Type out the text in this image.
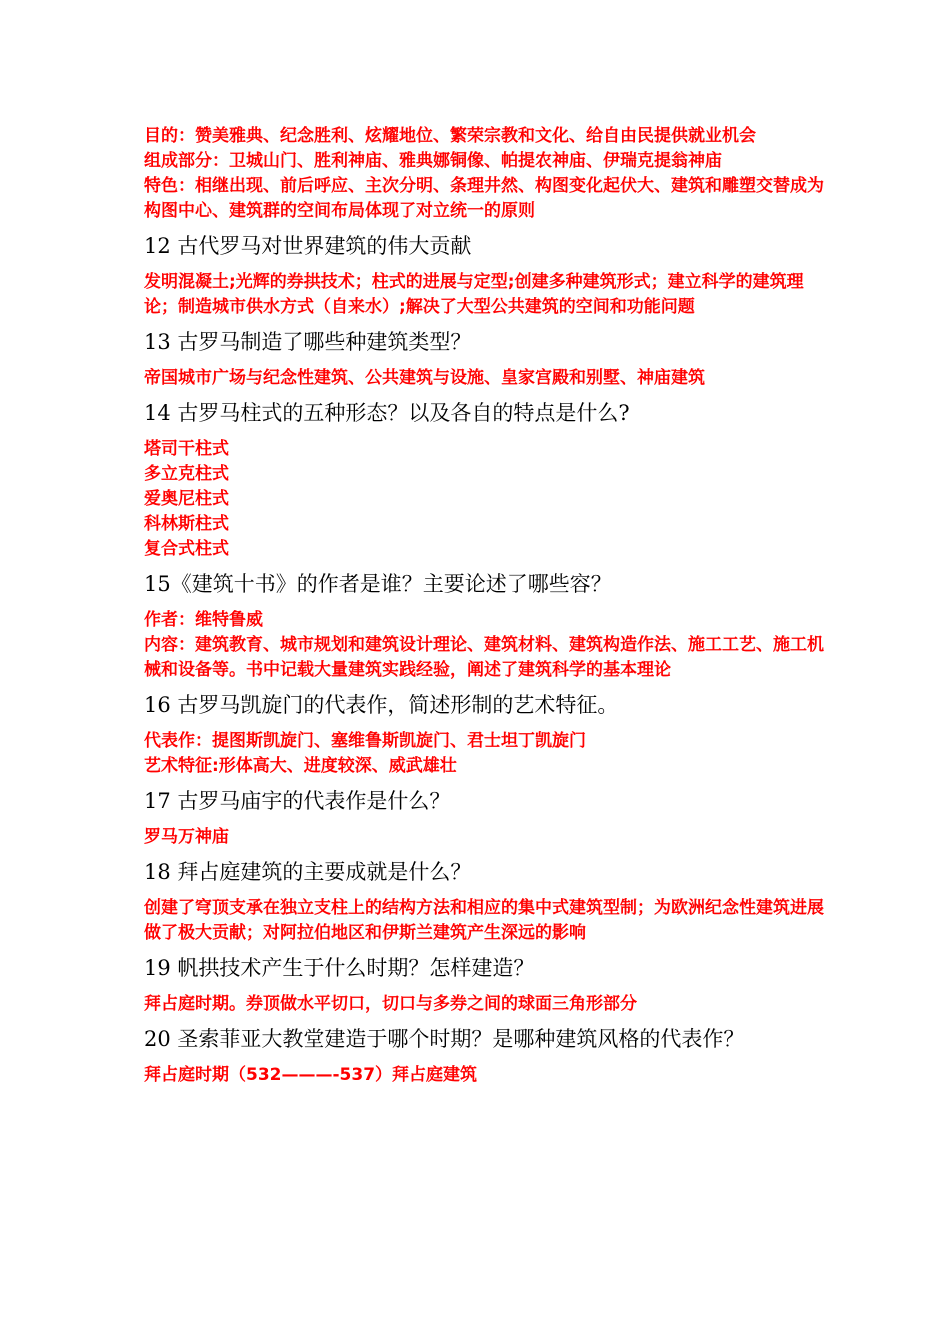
目的：赞美雅典、纪念胜利、炫耀地位、繁荣宗教和文化、给自由民提供就业机会

组成部分：卫城山门、胜利神庙、雅典娜铜像、帕提农神庙、伊瑞克提翁神庙

特色：相继出现、前后呼应、主次分明、条理井然、构图变化起伏大、建筑和雕塑交替成为构图中心、建筑群的空间布局体现了对立统一的原则

12 古代罗马对世界建筑的伟大贡献

发明混凝土;光辉的券拱技术；柱式的进展与定型;创建多种建筑形式；建立科学的建筑理论；制造城市供水方式（自来水）;解决了大型公共建筑的空间和功能问题

13 古罗马制造了哪些种建筑类型？

帝国城市广场与纪念性建筑、公共建筑与设施、皇家宫殿和别墅、神庙建筑

14 古罗马柱式的五种形态？以及各自的特点是什么?

塔司干柱式

多立克柱式

爱奥尼柱式

科林斯柱式

复合式柱式

15《建筑十书》的作者是谁？主要论述了哪些容？

作者：维特鲁威

内容：建筑教育、城市规划和建筑设计理论、建筑材料、建筑构造作法、施工工艺、施工机械和设备等。书中记载大量建筑实践经验，阐述了建筑科学的基本理论

16 古罗马凯旋门的代表作，简述形制的艺术特征。

代表作：提图斯凯旋门、塞维鲁斯凯旋门、君士坦丁凯旋门

艺术特征:形体高大、进度较深、威武雄壮

17 古罗马庙宇的代表作是什么？

罗马万神庙

18 拜占庭建筑的主要成就是什么？

创建了穹顶支承在独立支柱上的结构方法和相应的集中式建筑型制；为欧洲纪念性建筑进展做了极大贡献；对阿拉伯地区和伊斯兰建筑产生深远的影响

19 帆拱技术产生于什么时期？怎样建造？

拜占庭时期。券顶做水平切口，切口与多券之间的球面三角形部分

20 圣索菲亚大教堂建造于哪个时期？是哪种建筑风格的代表作？

拜占庭时期（532———-537）拜占庭建筑
